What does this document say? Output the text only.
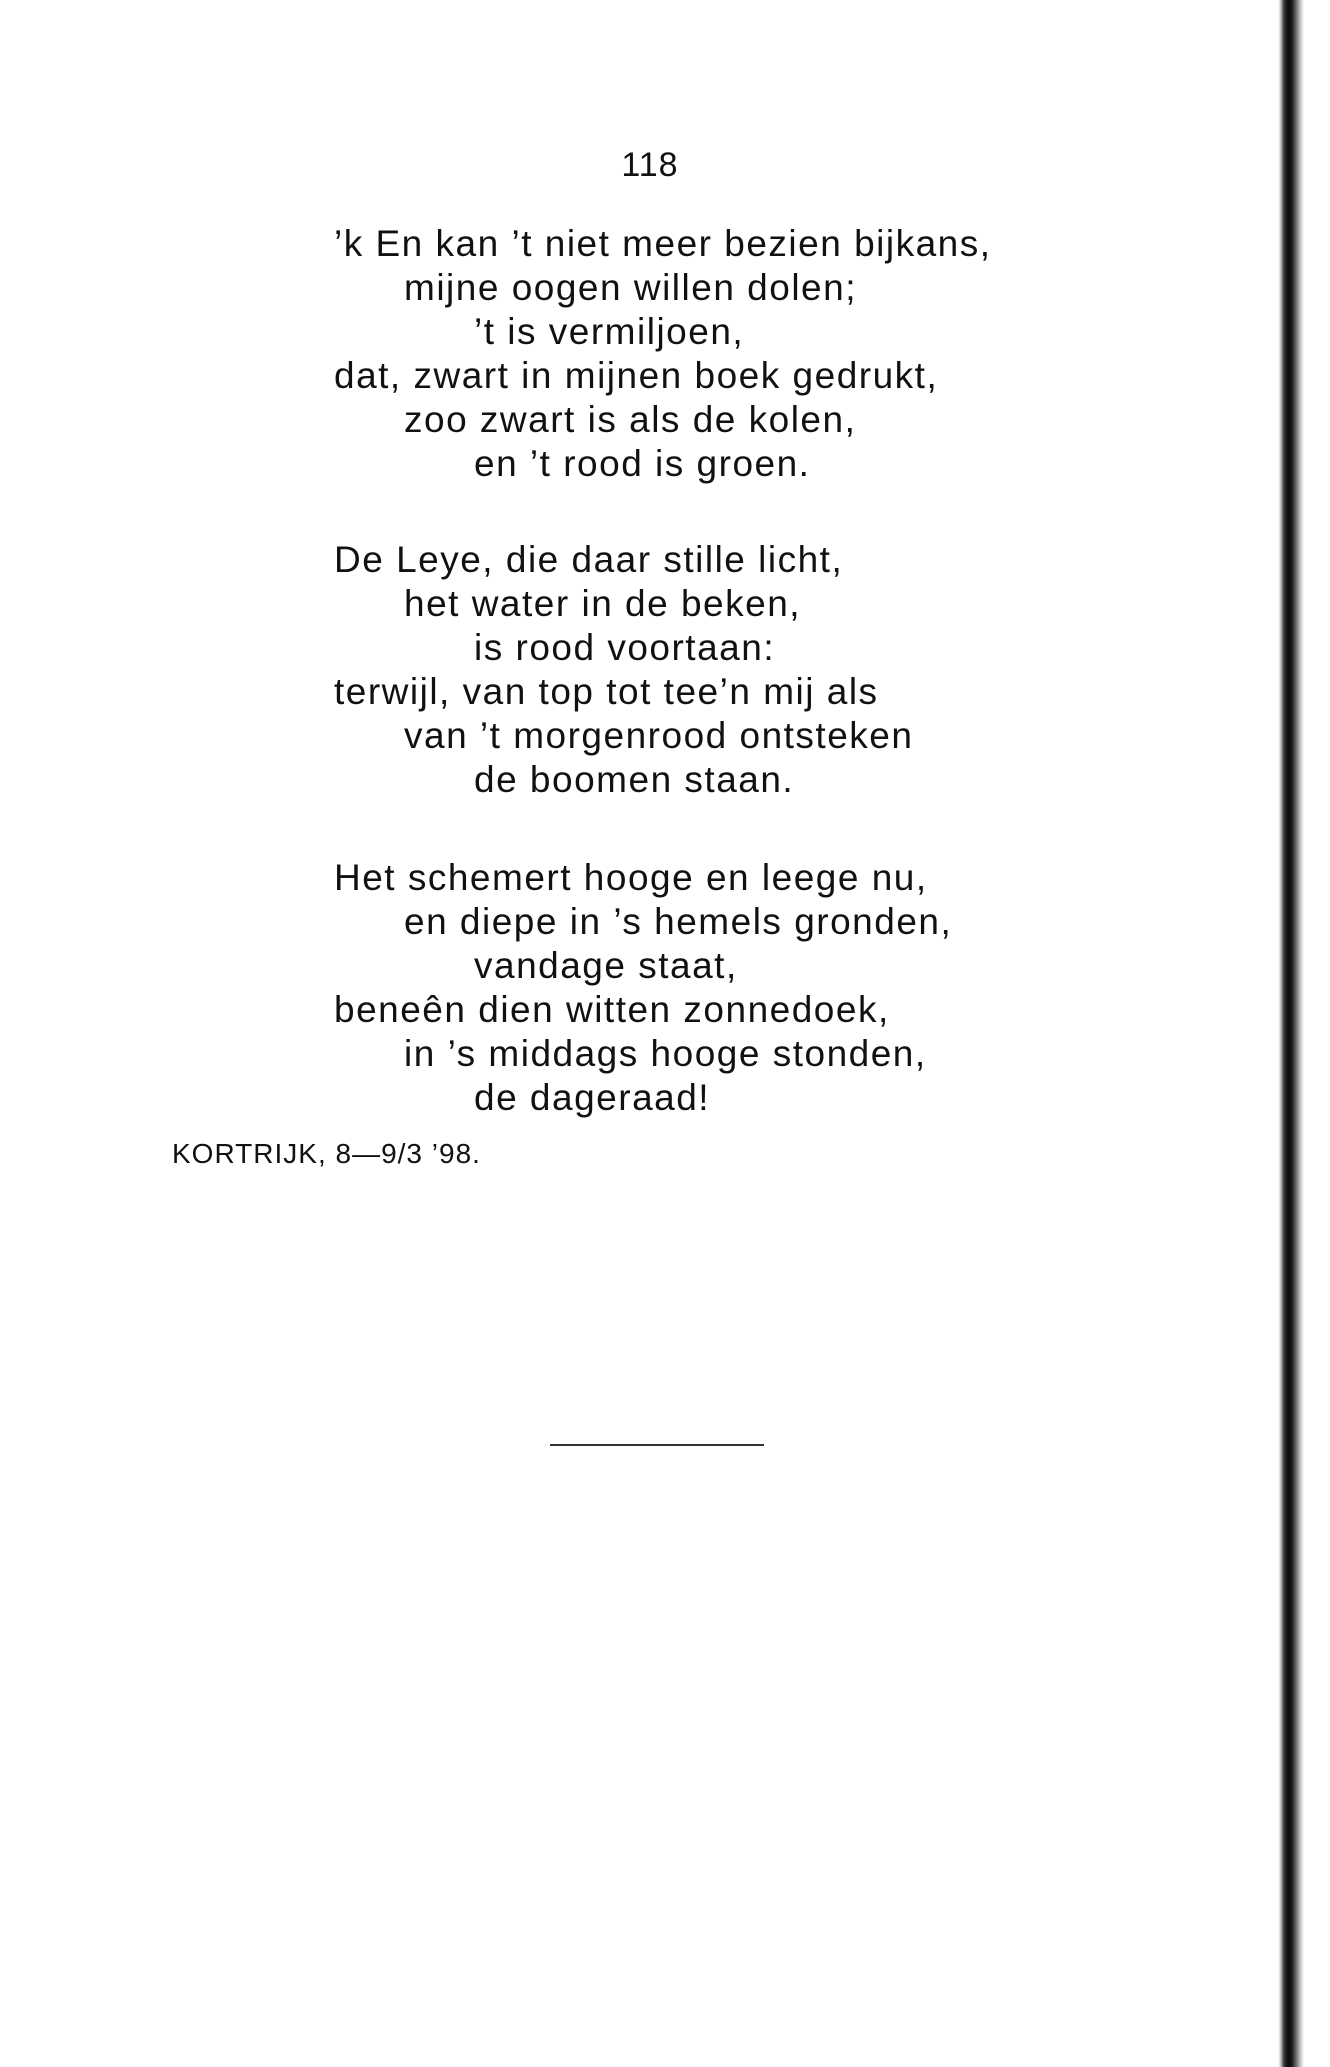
118
’k En kan ’t niet meer bezien bijkans,
mijne oogen willen dolen;
’t is vermiljoen,
dat, zwart in mijnen boek gedrukt,
zoo zwart is als de kolen,
en ’t rood is groen.
De Leye, die daar stille licht,
het water in de beken,
is rood voortaan:
terwijl, van top tot tee’n mij als
van ’t morgenrood ontsteken
de boomen staan.
Het schemert hooge en leege nu,
en diepe in ’s hemels gronden,
vandage staat,
beneên dien witten zonnedoek,
in ’s middags hooge stonden,
de dageraad!
KORTRIJK, 8—9/3 ’98.
